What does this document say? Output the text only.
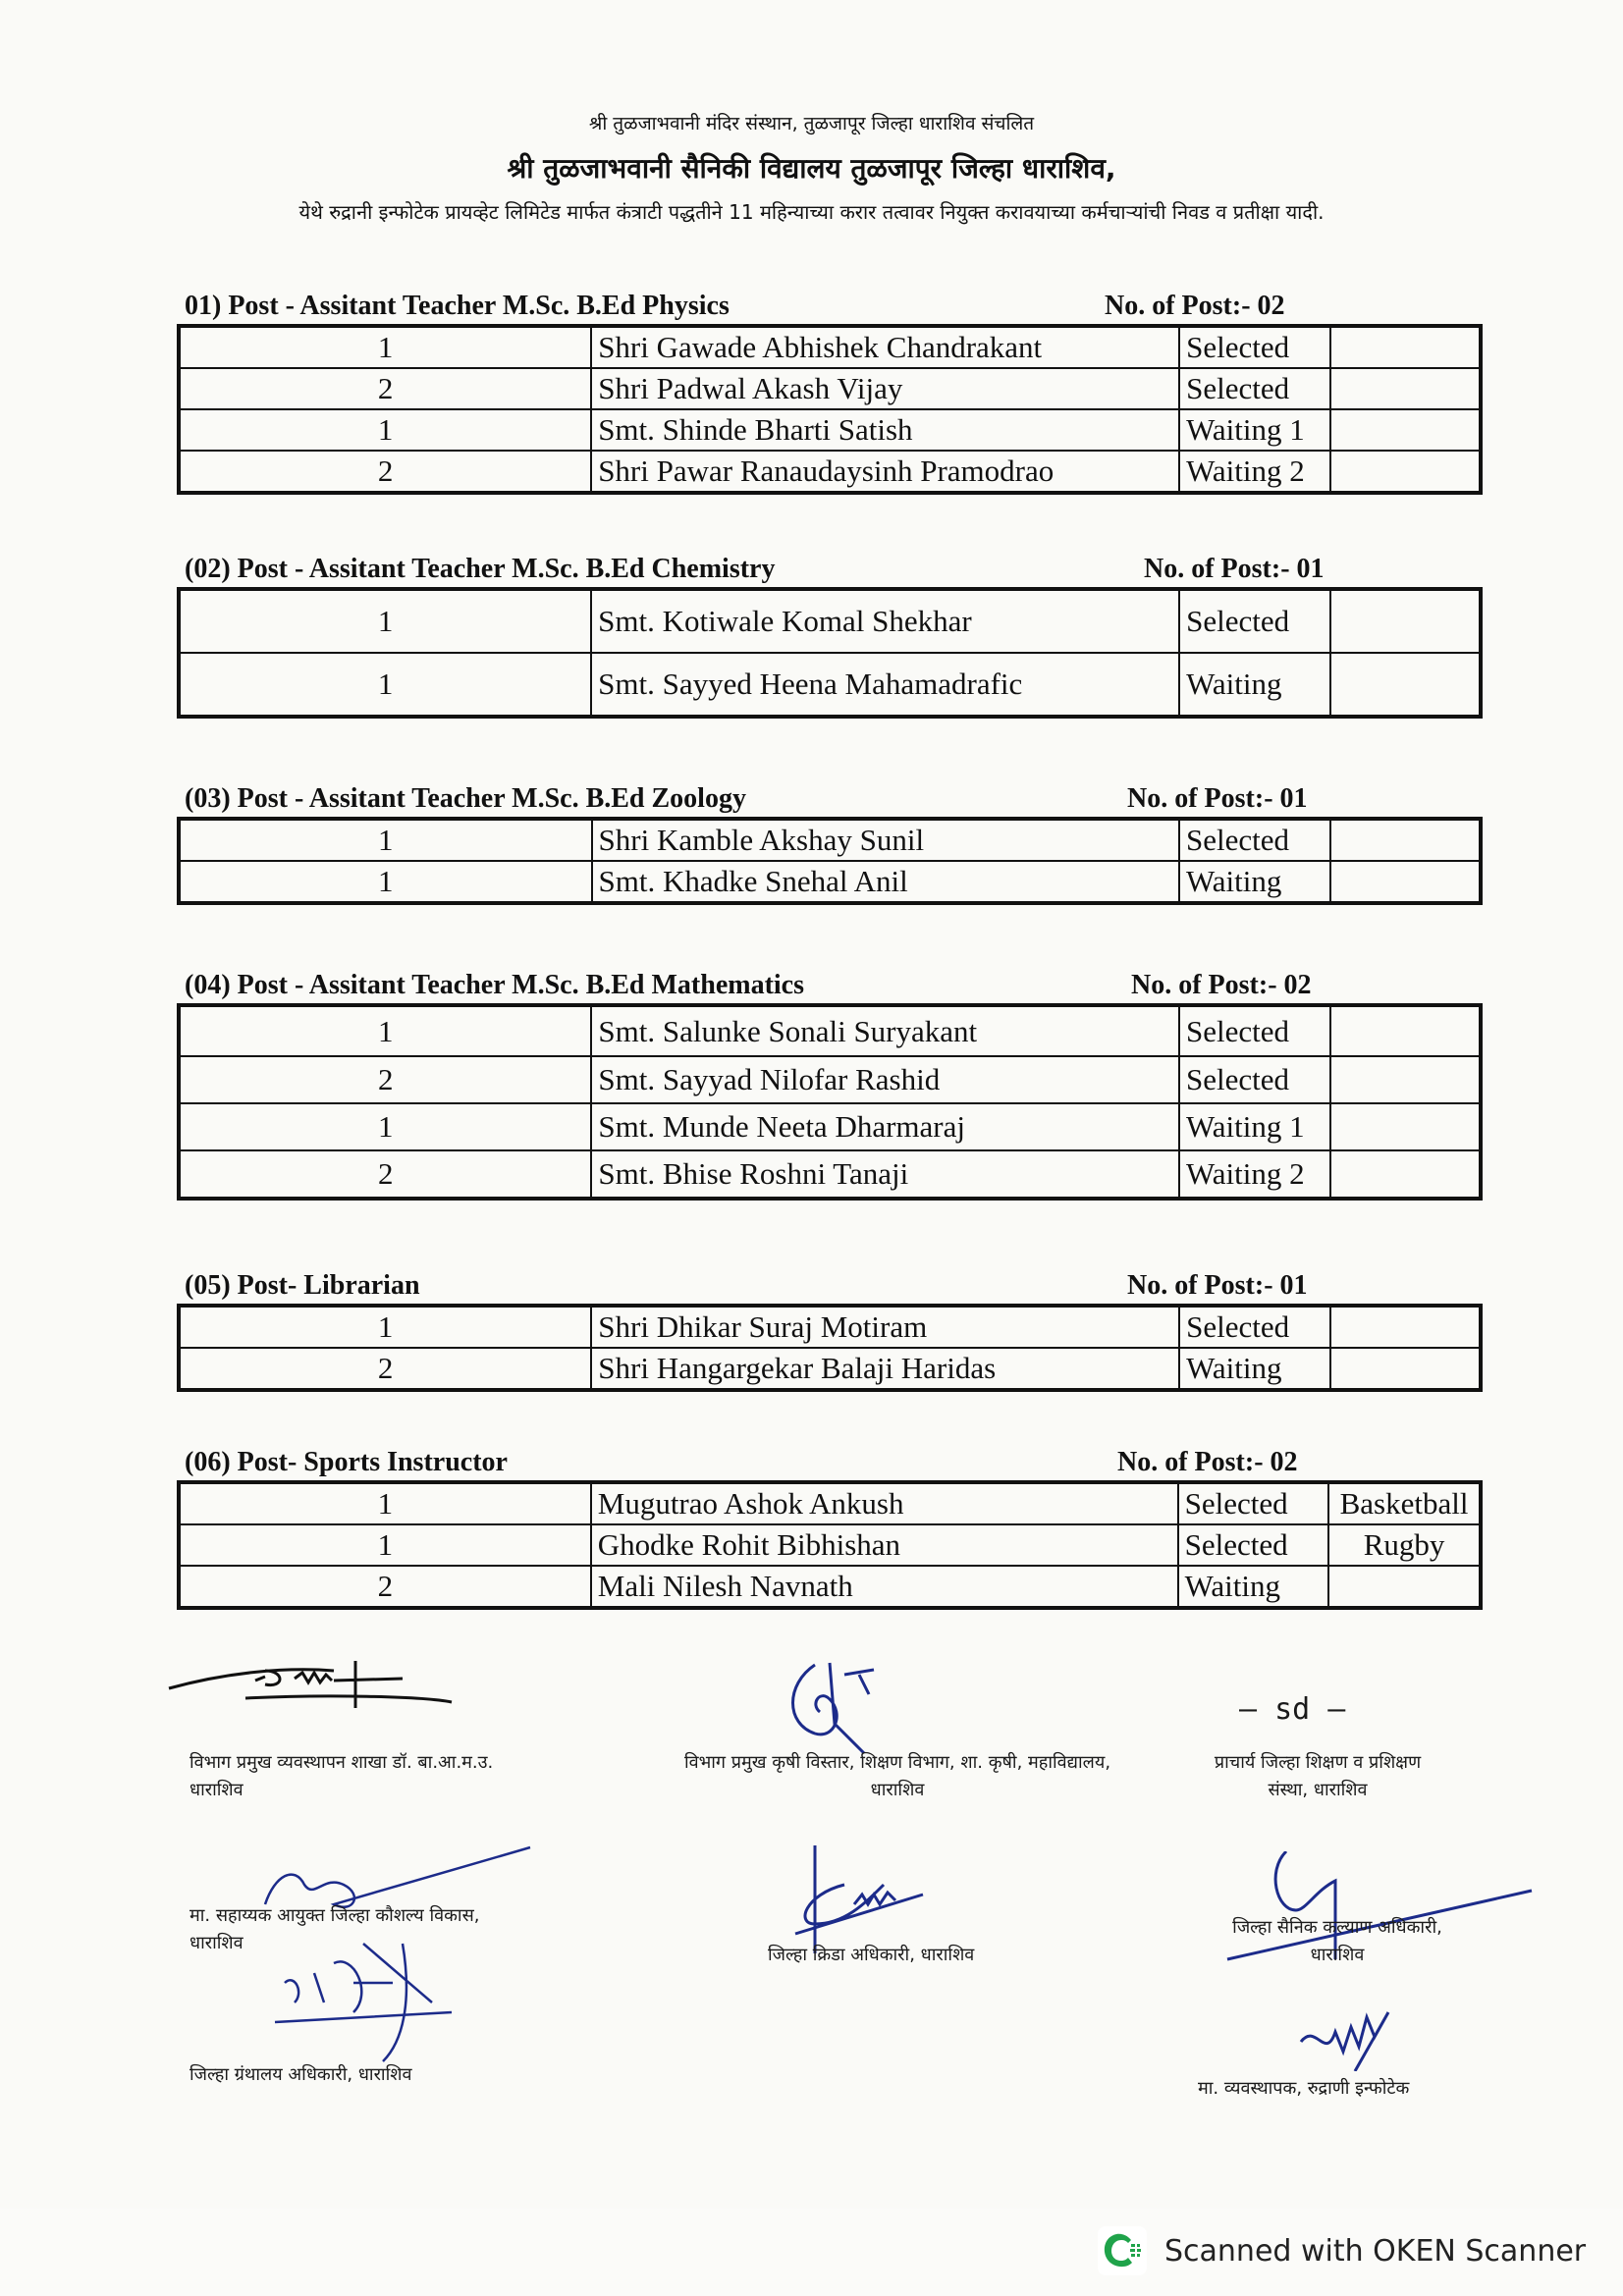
श्री तुळजाभवानी मंदिर संस्थान, तुळजापूर जिल्हा धाराशिव संचलित
श्री तुळजाभवानी सैनिकी विद्यालय तुळजापूर जिल्हा धाराशिव,
येथे रुद्रानी इन्फोटेक प्रायव्हेट लिमिटेड मार्फत कंत्राटी पद्धतीने 11 महिन्याच्या करार तत्वावर नियुक्त करावयाच्या कर्मचाऱ्यांची निवड व प्रतीक्षा यादी.
01) Post - Assitant Teacher M.Sc. B.Ed Physics	No. of Post:- 02
1	Shri Gawade Abhishek Chandrakant	Selected	
2	Shri Padwal Akash Vijay	Selected	
1	Smt. Shinde Bharti Satish	Waiting 1	
2	Shri Pawar Ranaudaysinh Pramodrao	Waiting 2	
(02) Post - Assitant Teacher M.Sc. B.Ed Chemistry	No. of Post:- 01
1	Smt. Kotiwale Komal Shekhar	Selected	
1	Smt. Sayyed Heena Mahamadrafic	Waiting	
(03) Post - Assitant Teacher M.Sc. B.Ed Zoology	No. of Post:- 01
1	Shri Kamble Akshay Sunil	Selected	
1	Smt. Khadke Snehal Anil	Waiting	
(04) Post - Assitant Teacher M.Sc. B.Ed Mathematics	No. of Post:- 02
1	Smt. Salunke Sonali Suryakant	Selected	
2	Smt. Sayyad Nilofar Rashid	Selected	
1	Smt. Munde Neeta Dharmaraj	Waiting 1	
2	Smt. Bhise Roshni Tanaji	Waiting 2	
(05) Post- Librarian	No. of Post:- 01
1	Shri Dhikar Suraj Motiram	Selected	
2	Shri Hangargekar Balaji Haridas	Waiting	
(06) Post- Sports Instructor	No. of Post:- 02
1	Mugutrao Ashok Ankush	Selected	Basketball
1	Ghodke Rohit Bibhishan	Selected	Rugby
2	Mali Nilesh Navnath	Waiting	
विभाग प्रमुख व्यवस्थापन शाखा डॉ. बा.आ.म.उ.
धाराशिव
विभाग प्रमुख कृषी विस्तार, शिक्षण विभाग, शा. कृषी, महाविद्यालय,
धाराशिव
— sd —
प्राचार्य जिल्हा शिक्षण व प्रशिक्षण
संस्था, धाराशिव
मा. सहाय्यक आयुक्त जिल्हा कौशल्य विकास,
धाराशिव
जिल्हा क्रिडा अधिकारी, धाराशिव
जिल्हा सैनिक कल्याण अधिकारी,
धाराशिव
जिल्हा ग्रंथालय अधिकारी, धाराशिव
मा. व्यवस्थापक, रुद्राणी इन्फोटेक
Scanned with OKEN Scanner
